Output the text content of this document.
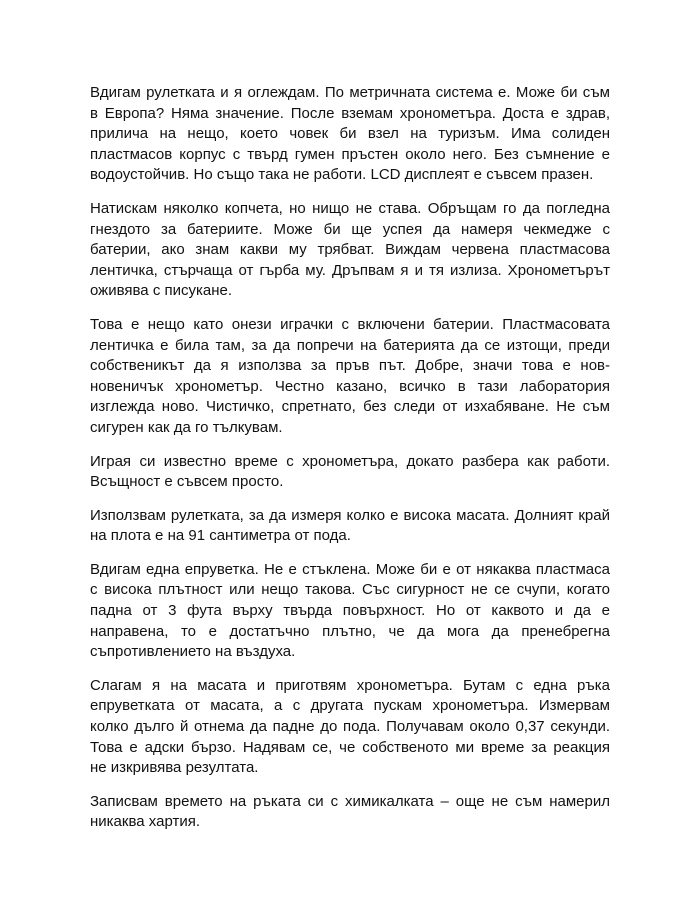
Вдигам рулетката и я оглеждам. По метричната система е. Може би съм
в Европа? Няма значение. После вземам хронометъра. Доста е здрав,
прилича на нещо, което човек би взел на туризъм. Има солиден
пластмасов корпус с твърд гумен пръстен около него. Без съмнение е
водоустойчив. Но също така не работи. LCD дисплеят е съвсем празен.

Натискам няколко копчета, но нищо не става. Обръщам го да погледна
гнездото за батериите. Може би ще успея да намеря чекмедже с
батерии, ако знам какви му трябват. Виждам червена пластмасова
лентичка, стърчаща от гърба му. Дръпвам я и тя излиза. Хронометърът
оживява с писукане.

Това е нещо като онези играчки с включени батерии. Пластмасовата
лентичка е била там, за да попречи на батерията да се изтощи, преди
собственикът да я използва за пръв път. Добре, значи това е нов-
новеничък хронометър. Честно казано, всичко в тази лаборатория
изглежда ново. Чистичко, спретнато, без следи от изхабяване. Не съм
сигурен как да го тълкувам.

Играя си известно време с хронометъра, докато разбера как работи.
Всъщност е съвсем просто.

Използвам рулетката, за да измеря колко е висока масата. Долният край
на плота е на 91 сантиметра от пода.

Вдигам една епруветка. Не е стъклена. Може би е от някаква пластмаса
с висока плътност или нещо такова. Със сигурност не се счупи, когато
падна от 3 фута върху твърда повърхност. Но от каквото и да е
направена, то е достатъчно плътно, че да мога да пренебрегна
съпротивлението на въздуха.

Слагам я на масата и приготвям хронометъра. Бутам с една ръка
епруветката от масата, а с другата пускам хронометъра. Измервам
колко дълго й отнема да падне до пода. Получавам около 0,37 секунди.
Това е адски бързо. Надявам се, че собственото ми време за реакция
не изкривява резултата.

Записвам времето на ръката си с химикалката – още не съм намерил
никаква хартия.
